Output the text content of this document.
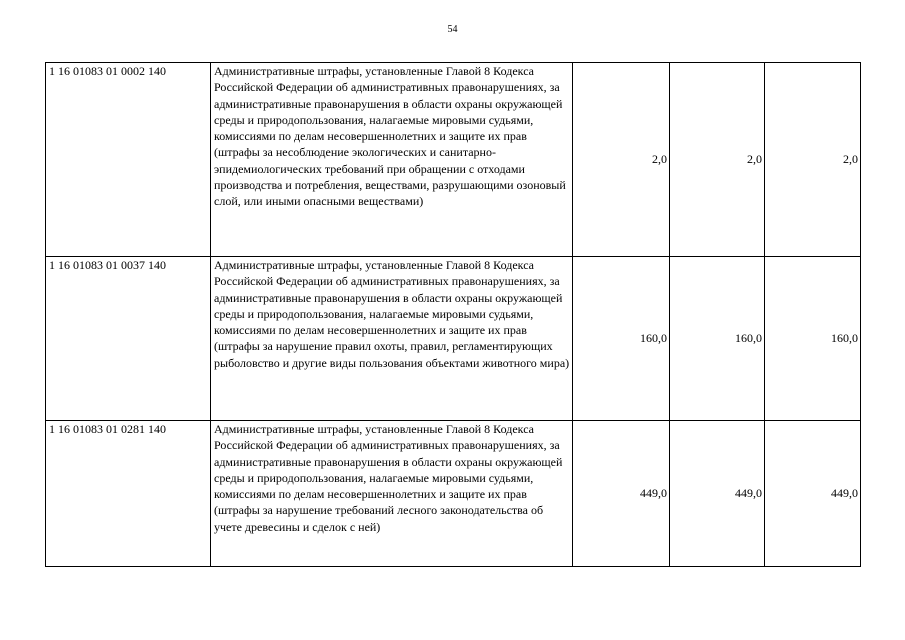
54
1 16 01083 01 0002 140	Административные штрафы, установленные Главой 8 Кодекса Российской Федерации об административных правонарушениях, за административные правонарушения в области охраны окружающей среды и природопользования, налагаемые мировыми судьями, комиссиями по делам несовершеннолетних и защите их прав (штрафы за несоблюдение экологических и санитарно-эпидемиологических требований при обращении с отходами производства и потребления, веществами, разрушающими озоновый слой, или иными опасными веществами)	2,0	2,0	2,0
1 16 01083 01 0037 140	Административные штрафы, установленные Главой 8 Кодекса Российской Федерации об административных правонарушениях, за административные правонарушения в области охраны окружающей среды и природопользования, налагаемые мировыми судьями, комиссиями по делам несовершеннолетних и защите их прав (штрафы за нарушение правил охоты, правил, регламентирующих рыболовство и другие виды пользования объектами животного мира)	160,0	160,0	160,0
1 16 01083 01 0281 140	Административные штрафы, установленные Главой 8 Кодекса Российской Федерации об административных правонарушениях, за административные правонарушения в области охраны окружающей среды и природопользования, налагаемые мировыми судьями, комиссиями по делам несовершеннолетних и защите их прав (штрафы за нарушение требований лесного законодательства об учете древесины и сделок с ней)	449,0	449,0	449,0
